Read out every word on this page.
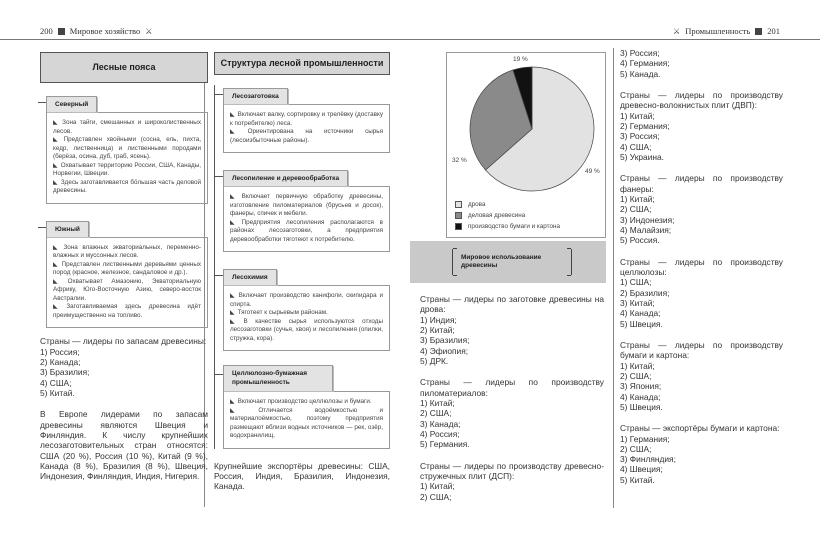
200 Мировое хозяйство ⚔	⚔ Промышленность 201
Лесные пояса
Северный

◣ Зона тайги, смешанных и широколиственных лесов.

◣ Представлен хвойными (сосна, ель, пихта, кедр, лиственница) и лиственными породами (берёза, осина, дуб, граб, ясень).

◣ Охватывает территорию России, США, Канады, Норвегии, Швеции.

◣ Здесь заготавливается бо́льшая часть деловой древесины.

Южный

◣ Зона влажных экваториальных, переменно-влажных и муссонных лесов.

◣ Представлен лиственными деревьями ценных пород (красное, железное, сандаловое и др.).

◣ Охватывает Амазонию, Экваториальную Африку, Юго-Восточную Азию, северо-восток Австралии.

◣ Заготавливаемая здесь древесина идёт преимущественно на топливо.

Страны — лидеры по запасам древесины:
1) Россия;
2) Канада;
3) Бразилия;
4) США;
5) Китай.
В Европе лидерами по запасам древесины являются Швеция и Финляндия. К числу крупнейших лесозаготовительных стран относятся: США (20 %), Россия (10 %), Китай (9 %), Канада (8 %), Бразилия (8 %), Швеция, Индонезия, Финляндия, Индия, Нигерия.
Структура лесной промышленности
Лесозаготовка

◣ Включает валку, сортировку и трелёвку (доставку к потребителю) леса.

◣ Ориентирована на источники сырья (лесоизбыточные районы).

Лесопиление и деревообработка

◣ Включает первичную обработку древесины, изготовление пиломатериалов (брусьев и досок), фанеры, спичек и мебели.

◣ Предприятия лесопиления располагаются в районах лесозаготовки, а предприятия деревообработки тяготеют к потребителю.

Лесохимия

◣ Включает производство канифоли, скипидара и спирта.

◣ Тяготеет к сырьевым районам.

◣ В качестве сырья используются отходы лесозаготовки (сучья, хвоя) и лесопиления (опилки, стружка, кора).

Целлюлозно-бумажная промышленность

◣ Включает производство целлюлозы и бумаги.

◣ Отличается водоёмкостью и материалоёмкостью, поэтому предприятия размещают вблизи водных источников — рек, озёр, водохранилищ.

Крупнейшие экспортёры древесины: США, Россия, Индия, Бразилия, Индонезия, Канада.
19 %
32 %
49 %
дрова
деловая древесина
производство бумаги и картона
Мировое использование древесины
Страны — лидеры по заготовке древесины на дрова:
1) Индия;
2) Китай;
3) Бразилия;
4) Эфиопия;
5) ДРК.
Страны — лидеры по производству пиломатериалов:
1) Китай;
2) США;
3) Канада;
4) Россия;
5) Германия.
Страны — лидеры по производству древесно-стружечных плит (ДСП):
1) Китай;
2) США;
3) Россия;
4) Германия;
5) Канада.
Страны — лидеры по производству древесно-волокнистых плит (ДВП):
1) Китай;
2) Германия;
3) Россия;
4) США;
5) Украина.
Страны — лидеры по производству фанеры:
1) Китай;
2) США;
3) Индонезия;
4) Малайзия;
5) Россия.
Страны — лидеры по производству целлюлозы:
1) США;
2) Бразилия;
3) Китай;
4) Канада;
5) Швеция.
Страны — лидеры по производству бумаги и картона:
1) Китай;
2) США;
3) Япония;
4) Канада;
5) Швеция.
Страны — экспортёры бумаги и картона:
1) Германия;
2) США;
3) Финляндия;
4) Швеция;
5) Китай.
